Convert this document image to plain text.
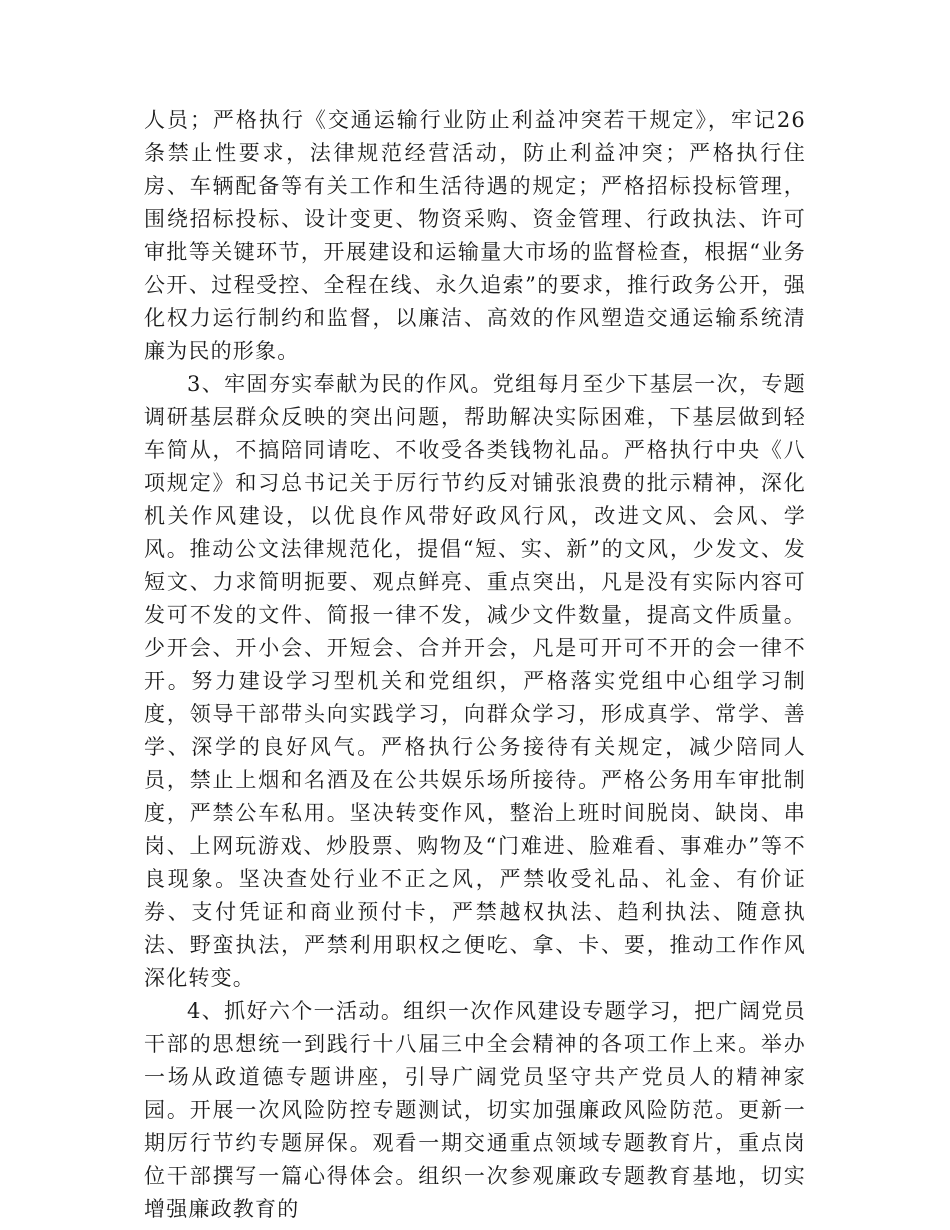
人员；严格执行《交通运输行业防止利益冲突若干规定》，牢记26条禁止性要求，法律规范经营活动，防止利益冲突；严格执行住房、车辆配备等有关工作和生活待遇的规定；严格招标投标管理，围绕招标投标、设计变更、物资采购、资金管理、行政执法、许可审批等关键环节，开展建设和运输量大市场的监督检查，根据“业务公开、过程受控、全程在线、永久追索”的要求，推行政务公开，强化权力运行制约和监督，以廉洁、高效的作风塑造交通运输系统清廉为民的形象。

3、牢固夯实奉献为民的作风。党组每月至少下基层一次，专题调研基层群众反映的突出问题，帮助解决实际困难，下基层做到轻车简从，不搞陪同请吃、不收受各类钱物礼品。严格执行中央《八项规定》和习总书记关于厉行节约反对铺张浪费的批示精神，深化机关作风建设，以优良作风带好政风行风，改进文风、会风、学风。推动公文法律规范化，提倡“短、实、新”的文风，少发文、发短文、力求简明扼要、观点鲜亮、重点突出，凡是没有实际内容可发可不发的文件、简报一律不发，减少文件数量，提高文件质量。少开会、开小会、开短会、合并开会，凡是可开可不开的会一律不开。努力建设学习型机关和党组织，严格落实党组中心组学习制度，领导干部带头向实践学习，向群众学习，形成真学、常学、善学、深学的良好风气。严格执行公务接待有关规定，减少陪同人员，禁止上烟和名酒及在公共娱乐场所接待。严格公务用车审批制度，严禁公车私用。坚决转变作风，整治上班时间脱岗、缺岗、串岗、上网玩游戏、炒股票、购物及“门难进、脸难看、事难办”等不良现象。坚决查处行业不正之风，严禁收受礼品、礼金、有价证券、支付凭证和商业预付卡，严禁越权执法、趋利执法、随意执法、野蛮执法，严禁利用职权之便吃、拿、卡、要，推动工作作风深化转变。

4、抓好六个一活动。组织一次作风建设专题学习，把广阔党员干部的思想统一到践行十八届三中全会精神的各项工作上来。举办一场从政道德专题讲座，引导广阔党员坚守共产党员人的精神家园。开展一次风险防控专题测试，切实加强廉政风险防范。更新一期厉行节约专题屏保。观看一期交通重点领域专题教育片，重点岗位干部撰写一篇心得体会。组织一次参观廉政专题教育基地，切实增强廉政教育的
